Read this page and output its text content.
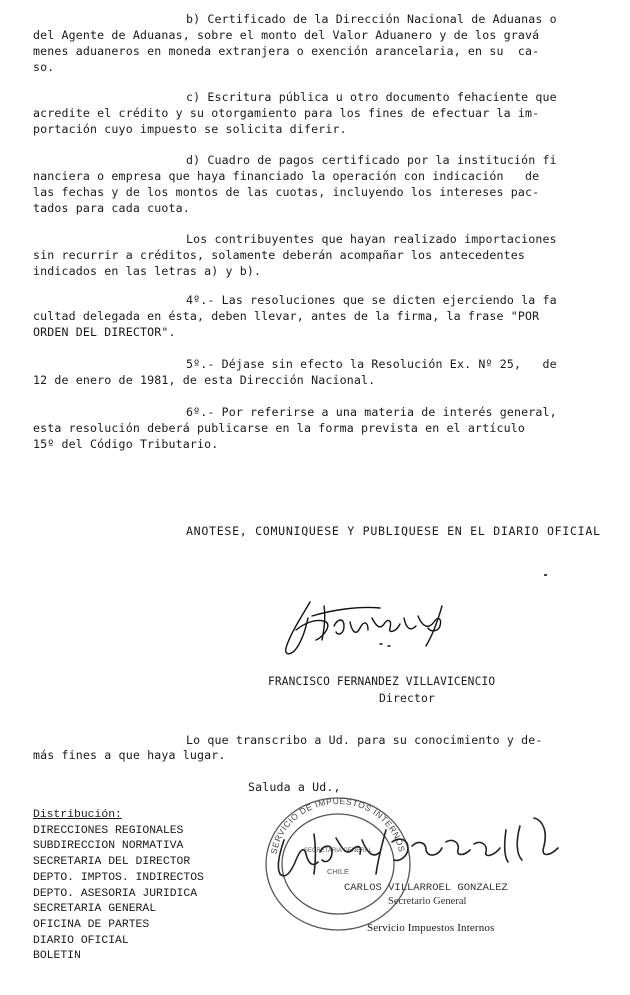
b) Certificado de la Dirección Nacional de Aduanas o
del Agente de Aduanas, sobre el monto del Valor Aduanero y de los gravá
menes aduaneros en moneda extranjera o exención arancelaria, en su  ca-
so.
c) Escritura pública u otro documento fehaciente que
acredite el crédito y su otorgamiento para los fines de efectuar la im-
portación cuyo impuesto se solicita diferir.
d) Cuadro de pagos certificado por la institución fi
nanciera o empresa que haya financiado la operación con indicación   de
las fechas y de los montos de las cuotas, incluyendo los intereses pac-
tados para cada cuota.
Los contribuyentes que hayan realizado importaciones
sin recurrir a créditos, solamente deberán acompañar los antecedentes
indicados en las letras a) y b).
4º.- Las resoluciones que se dicten ejerciendo la fa
cultad delegada en ésta, deben llevar, antes de la firma, la frase "POR
ORDEN DEL DIRECTOR".
5º.- Déjase sin efecto la Resolución Ex. Nº 25,   de
12 de enero de 1981, de esta Dirección Nacional.
6º.- Por referirse a una materia de interés general,
esta resolución deberá publicarse en la forma prevista en el artículo
15º del Código Tributario.
ANOTESE, COMUNIQUESE Y PUBLIQUESE EN EL DIARIO OFICIAL
FRANCISCO FERNANDEZ VILLAVICENCIO
Director
Lo que transcribo a Ud. para su conocimiento y de-
más fines a que haya lugar.
Saluda a Ud.,
SERVICIO DE IMPUESTOS INTERNOS
SECRETARIA GENERAL
CHILE
CARLOS VILLARROEL GONZALEZ
Secretario General
Servicio Impuestos Internos
Distribución:
DIRECCIONES REGIONALES
SUBDIRECCION NORMATIVA
SECRETARIA DEL DIRECTOR
DEPTO. IMPTOS. INDIRECTOS
DEPTO. ASESORIA JURIDICA
SECRETARIA GENERAL
OFICINA DE PARTES
DIARIO OFICIAL
BOLETIN
